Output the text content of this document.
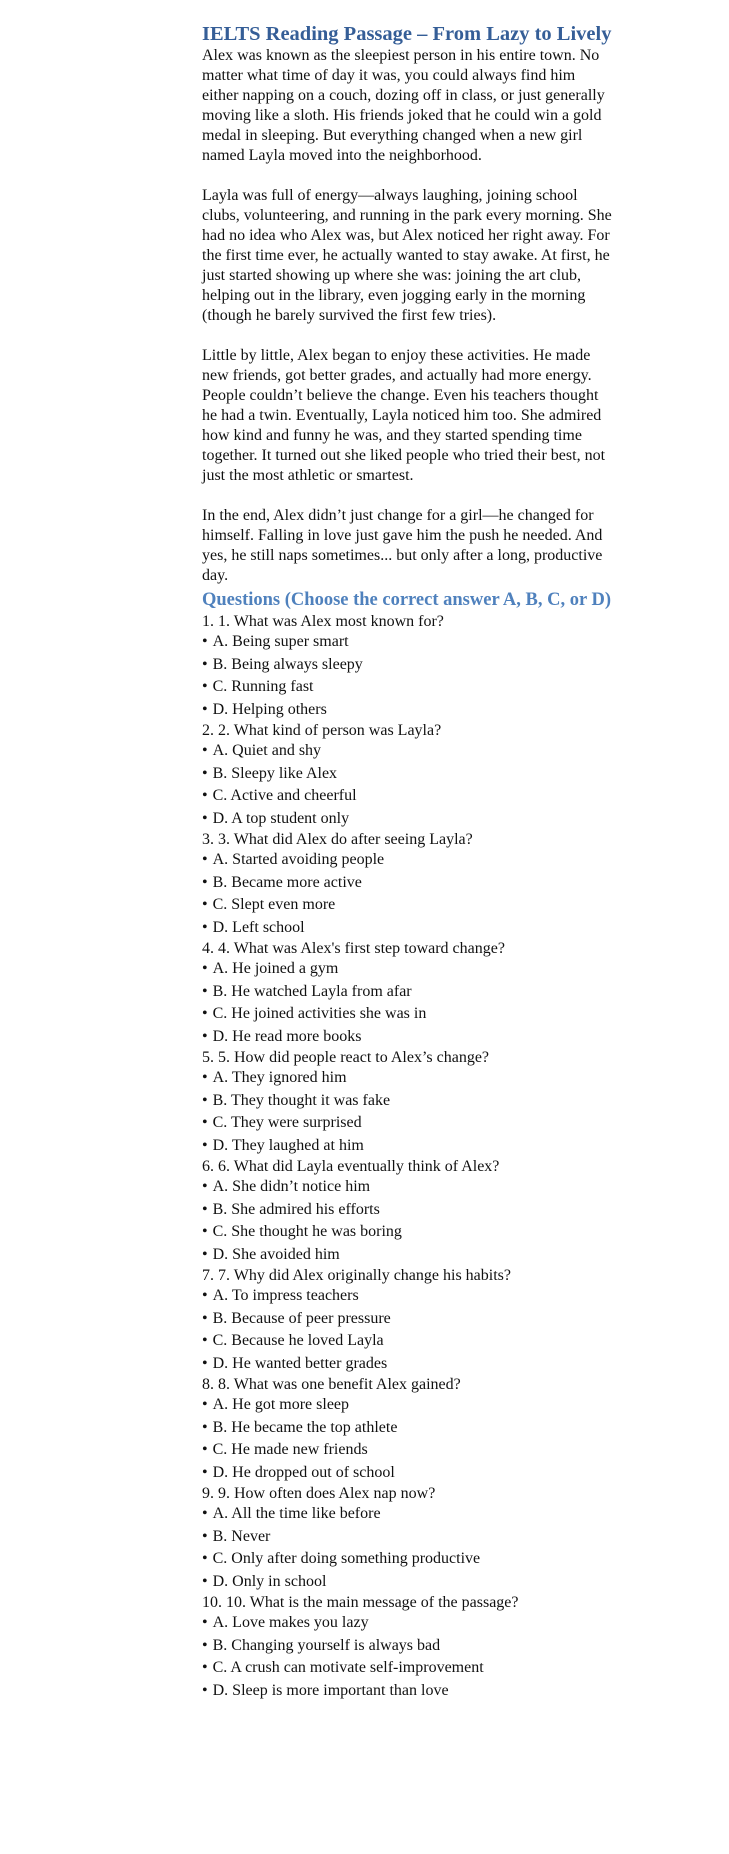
IELTS Reading Passage – From Lazy to Lively

Alex was known as the sleepiest person in his entire town. No matter what time of day it was, you could always find him either napping on a couch, dozing off in class, or just generally moving like a sloth. His friends joked that he could win a gold medal in sleeping. But everything changed when a new girl named Layla moved into the neighborhood.

Layla was full of energy—always laughing, joining school clubs, volunteering, and running in the park every morning. She had no idea who Alex was, but Alex noticed her right away. For the first time ever, he actually wanted to stay awake. At first, he just started showing up where she was: joining the art club, helping out in the library, even jogging early in the morning (though he barely survived the first few tries).

Little by little, Alex began to enjoy these activities. He made new friends, got better grades, and actually had more energy. People couldn’t believe the change. Even his teachers thought he had a twin. Eventually, Layla noticed him too. She admired how kind and funny he was, and they started spending time together. It turned out she liked people who tried their best, not just the most athletic or smartest.

In the end, Alex didn’t just change for a girl—he changed for himself. Falling in love just gave him the push he needed. And yes, he still naps sometimes... but only after a long, productive day.

Questions (Choose the correct answer A, B, C, or D)
1. 1. What was Alex most known for?
• A. Being super smart
• B. Being always sleepy
• C. Running fast
• D. Helping others
2. 2. What kind of person was Layla?
• A. Quiet and shy
• B. Sleepy like Alex
• C. Active and cheerful
• D. A top student only
3. 3. What did Alex do after seeing Layla?
• A. Started avoiding people
• B. Became more active
• C. Slept even more
• D. Left school
4. 4. What was Alex's first step toward change?
• A. He joined a gym
• B. He watched Layla from afar
• C. He joined activities she was in
• D. He read more books
5. 5. How did people react to Alex’s change?
• A. They ignored him
• B. They thought it was fake
• C. They were surprised
• D. They laughed at him
6. 6. What did Layla eventually think of Alex?
• A. She didn’t notice him
• B. She admired his efforts
• C. She thought he was boring
• D. She avoided him
7. 7. Why did Alex originally change his habits?
• A. To impress teachers
• B. Because of peer pressure
• C. Because he loved Layla
• D. He wanted better grades
8. 8. What was one benefit Alex gained?
• A. He got more sleep
• B. He became the top athlete
• C. He made new friends
• D. He dropped out of school
9. 9. How often does Alex nap now?
• A. All the time like before
• B. Never
• C. Only after doing something productive
• D. Only in school
10. 10. What is the main message of the passage?
• A. Love makes you lazy
• B. Changing yourself is always bad
• C. A crush can motivate self-improvement
• D. Sleep is more important than love
